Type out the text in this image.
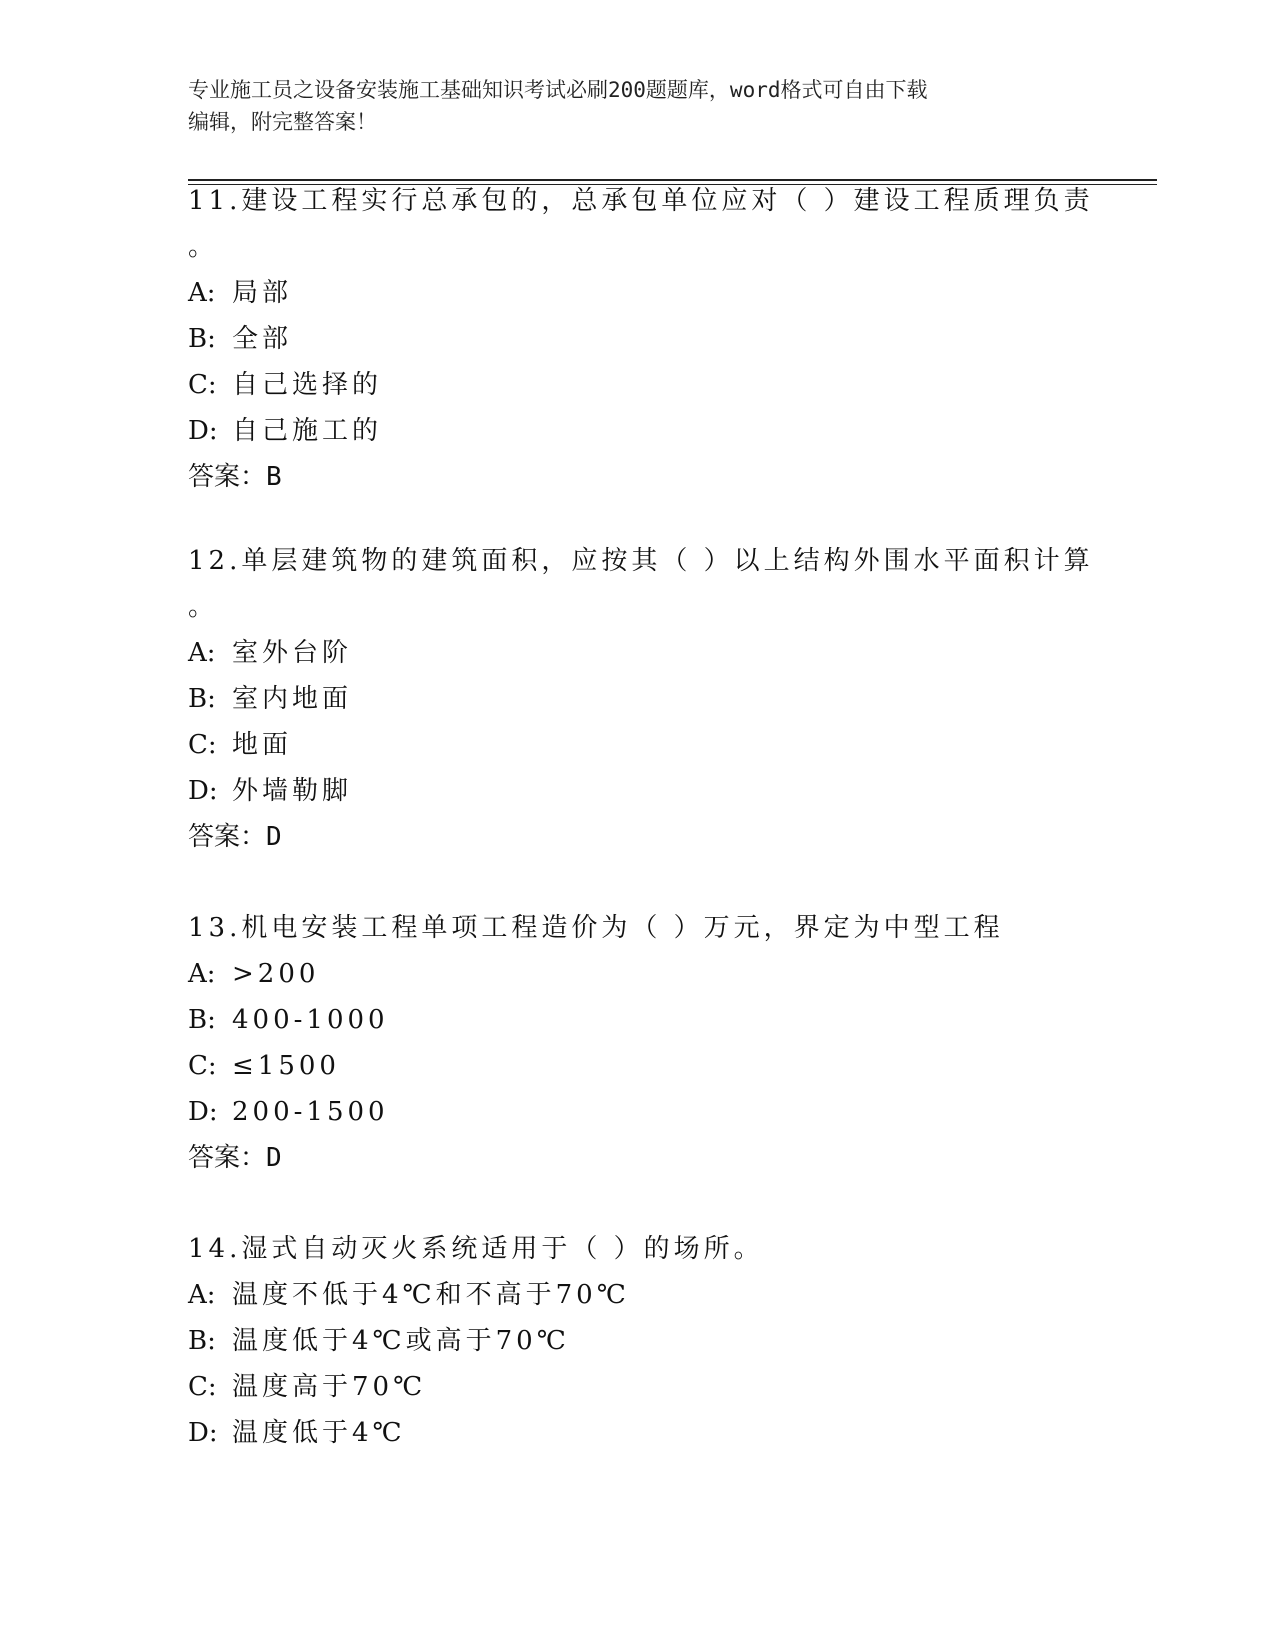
专业施工员之设备安装施工基础知识考试必刷200题题库，word格式可自由下载
编辑，附完整答案！
11.建设工程实行总承包的，总承包单位应对（ ）建设工程质理负责
。
A: 局部
B: 全部
C: 自己选择的
D: 自己施工的
答案：B
12.单层建筑物的建筑面积，应按其（ ）以上结构外围水平面积计算
。
A: 室外台阶
B: 室内地面
C: 地面
D: 外墙勒脚
答案：D
13.机电安装工程单项工程造价为（ ）万元，界定为中型工程
A: >200
B: 400-1000
C: ≤1500
D: 200-1500
答案：D
14.湿式自动灭火系统适用于（ ）的场所。
A: 温度不低于4℃和不高于70℃
B: 温度低于4℃或高于70℃
C: 温度高于70℃
D: 温度低于4℃
